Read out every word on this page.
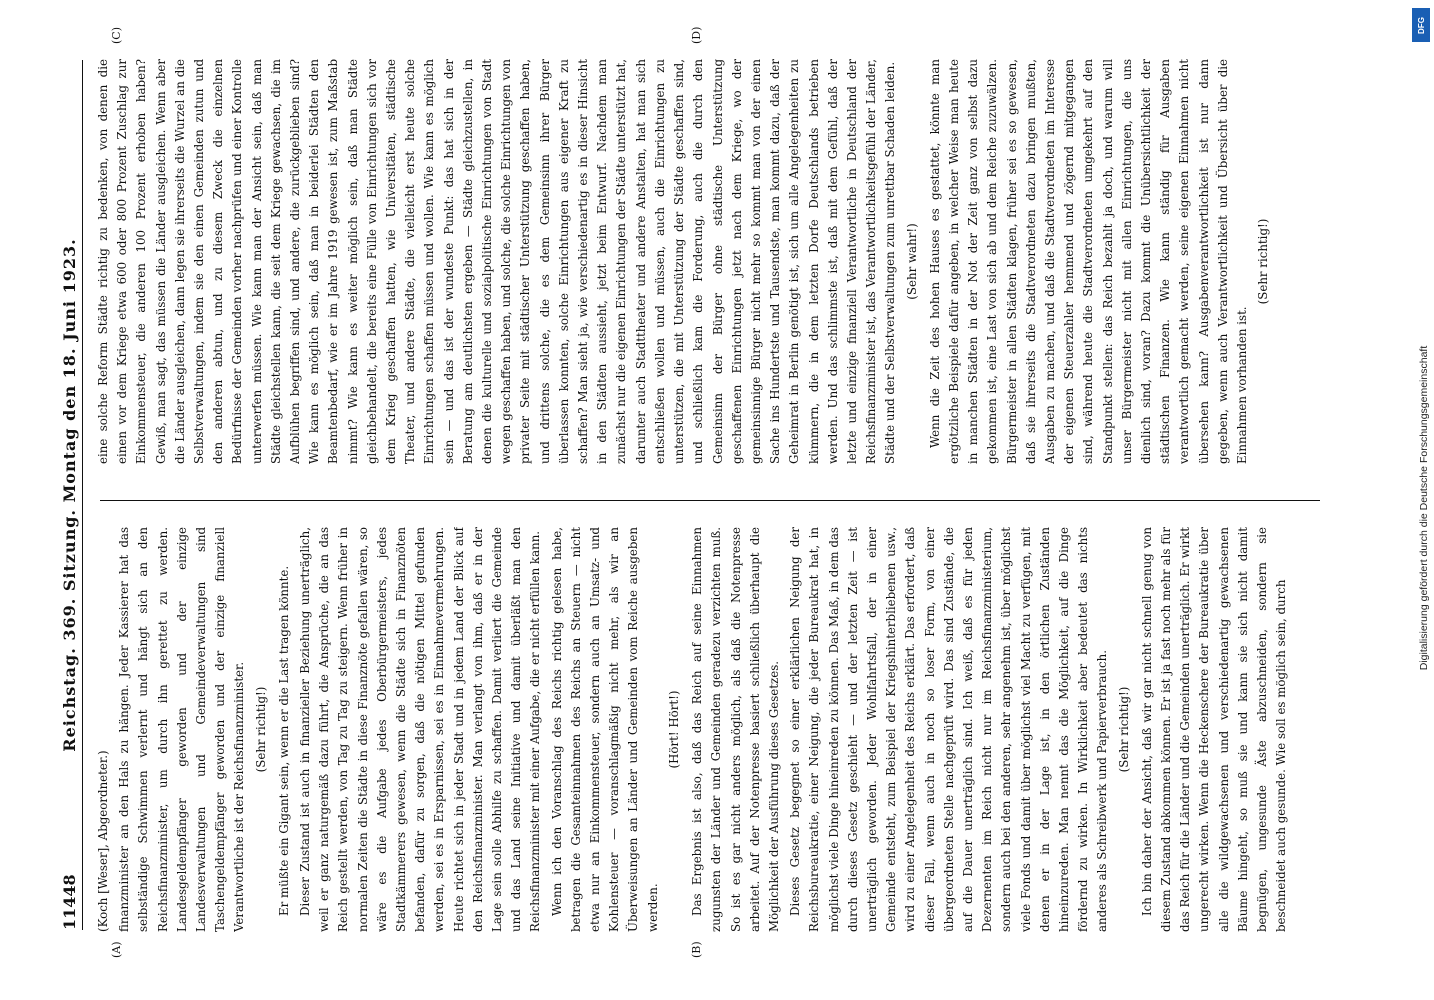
11448
Reichstag. 369. Sitzung. Montag den 18. Juni 1923.
(A)	(B)
(C)	(D)

(Koch [Weser], Abgeordneter.) finanzminister an den Hals zu hängen. Jeder Kassierer hat das selbständige Schwimmen verlernt und hängt sich an den Reichsfinanzminister, um durch ihn gerettet zu werden. Landesgeldempfänger geworden und der einzige Landesverwaltungen und Gemeindeverwaltungen sind Taschengeldempfänger geworden und der einzige finanziell Verantwortliche ist der Reichsfinanzminister. (Sehr richtig!) Er müßte ein Gigant sein, wenn er die Last tragen könnte. Dieser Zustand ist auch in finanzieller Beziehung unerträglich, weil er ganz naturgemäß dazu führt, die Ansprüche, die an das Reich gestellt werden, von Tag zu Tag zu steigern. Wenn früher in normalen Zeiten die Städte in diese Finanznöte gefallen wären, so wäre es die Aufgabe jedes Oberbürgermeisters, jedes Stadtkämmerers gewesen, wenn die Städte sich in Finanznöten befanden, dafür zu sorgen, daß die nötigen Mittel gefunden werden, sei es in Ersparnissen, sei es in Einnahmevermehrungen. Heute richtet sich in jeder Stadt und in jedem Land der Blick auf den Reichsfinanzminister. Man verlangt von ihm, daß er in der Lage sein solle Abhilfe zu schaffen. Damit verliert die Gemeinde und das Land seine Initiative und damit überläßt man den Reichsfinanzminister mit einer Aufgabe, die er nicht erfüllen kann. Wenn ich den Voranschlag des Reichs richtig gelesen habe, betragen die Gesamteinnahmen des Reichs an Steuern — nicht etwa nur an Einkommensteuer, sondern auch an Umsatz- und Kohlensteuer — voranschlagmäßig nicht mehr, als wir an Überweisungen an Länder und Gemeinden vom Reiche ausgeben werden.

(Hört! Hört!) Das Ergebnis ist also, daß das Reich auf seine Einnahmen zugunsten der Länder und Gemeinden geradezu verzichten muß. So ist es gar nicht anders möglich, als daß die Notenpresse arbeitet. Auf der Notenpresse basiert schließlich überhaupt die Möglichkeit der Ausführung dieses Gesetzes. Dieses Gesetz begegnet so einer erklärlichen Neigung der Reichsbureaukratie, einer Neigung, die jeder Bureaukrat hat, in möglichst viele Dinge hineinreden zu können. Das Maß, in dem das durch dieses Gesetz geschieht — und der letzten Zeit — ist unerträglich geworden. Jeder Wohlfahrtsfall, der in einer Gemeinde entsteht, zum Beispiel der Kriegshinterbliebenen usw., wird zu einer Angelegenheit des Reichs erklärt. Das erfordert, daß dieser Fall, wenn auch in noch so loser Form, von einer übergeordneten Stelle nachgeprüft wird. Das sind Zustände, die auf die Dauer unerträglich sind. Ich weiß, daß es für jeden Dezernenten im Reich nicht nur im Reichsfinanzministerium, sondern auch bei den anderen, sehr angenehm ist, über möglichst viele Fonds und damit über möglichst viel Macht zu verfügen, mit denen er in der Lage ist, in den örtlichen Zuständen hineinzureden. Man nennt das die Möglichkeit, auf die Dinge fördernd zu wirken. In Wirklichkeit aber bedeutet das nichts anderes als Schreibwerk und Papierverbrauch. (Sehr richtig!) Ich bin daher der Ansicht, daß wir gar nicht schnell genug von diesem Zustand abkommen können. Er ist ja fast noch mehr als für das Reich für die Länder und die Gemeinden unerträglich. Er wirkt ungerecht wirken. Wenn die Heckenschere der Bureaukratie über alle die wildgewachsenen und verschiedenartig gewachsenen Bäume hingeht, so muß sie und kann sie sich nicht damit begnügen, ungesunde Äste abzuschneiden, sondern sie beschneidet auch gesunde. Wie soll es möglich sein, durch

eine solche Reform Städte richtig zu bedenken, von denen die einen vor dem Kriege etwa 600 oder 800 Prozent Zuschlag zur Einkommensteuer, die anderen 100 Prozent erhoben haben? Gewiß, man sagt, das müssen die Länder ausgleichen. Wenn aber die Länder ausgleichen, dann legen sie ihrerseits die Wurzel an die Selbstverwaltungen, indem sie den einen Gemeinden zutun und den anderen abtun, und zu diesem Zweck die einzelnen Bedürfnisse der Gemeinden vorher nachprüfen und einer Kontrolle unterwerfen müssen. Wie kann man der Ansicht sein, daß man Städte gleichstellen kann, die seit dem Kriege gewachsen, die im Aufblühen begriffen sind, und andere, die zurückgeblieben sind? Wie kann es möglich sein, daß man in beiderlei Städten den Beamtenbedarf, wie er im Jahre 1919 gewesen ist, zum Maßstab nimmt? Wie kann es weiter möglich sein, daß man Städte gleichbehandelt, die bereits eine Fülle von Einrichtungen sich vor dem Krieg geschaffen hatten, wie Universitäten, städtische Theater, und andere Städte, die vielleicht erst heute solche Einrichtungen schaffen müssen und wollen. Wie kann es möglich sein — und das ist der wundeste Punkt: das hat sich in der Beratung am deutlichsten ergeben — Städte gleichzustellen, in denen die kulturelle und sozialpolitische Einrichtungen von Stadt wegen geschaffen haben, und solche, die solche Einrichtungen von privater Seite mit städtischer Unterstützung geschaffen haben, und drittens solche, die es dem Gemeinsinn ihrer Bürger überlassen konnten, solche Einrichtungen aus eigener Kraft zu schaffen? Man sieht ja, wie verschiedenartig es in dieser Hinsicht in den Städten aussieht, jetzt beim Entwurf. Nachdem man zunächst nur die eigenen Einrichtungen der Städte unterstützt hat, darunter auch Stadttheater und andere Anstalten, hat man sich entschließen wollen und müssen, auch die Einrichtungen zu unterstützen, die mit Unterstützung der Städte geschaffen sind, und schließlich kam die Forderung, auch die durch den Gemeinsinn der Bürger ohne städtische Unterstützung geschaffenen Einrichtungen jetzt nach dem Kriege, wo der gemeinsinnige Bürger nicht mehr so kommt man von der einen Sache ins Hundertste und Tausendste, man kommt dazu, daß der Geheimrat in Berlin genötigt ist, sich um alle Angelegenheiten zu kümmern, die in dem letzten Dorfe Deutschlands betrieben werden. Und das schlimmste ist, daß mit dem Gefühl, daß der letzte und einzige finanziell Verantwortliche in Deutschland der Reichsfinanzminister ist, das Verantwortlichkeitsgefühl der Länder, Städte und der Selbstverwaltungen zum unrettbar Schaden leiden. (Sehr wahr!) Wenn die Zeit des hohen Hauses es gestattet, könnte man ergötzliche Beispiele dafür angeben, in welcher Weise man heute in manchen Städten in der Not der Zeit ganz von selbst dazu gekommen ist, eine Last von sich ab und dem Reiche zuzuwälzen. Bürgermeister in allen Städten klagen, früher sei es so gewesen, daß sie ihrerseits die Stadtverordneten dazu bringen mußten, Ausgaben zu machen, und daß die Stadtverordneten im Interesse der eigenen Steuerzahler hemmend und zögernd mitgegangen sind, während heute die Stadtverordneten umgekehrt auf den Standpunkt stellen: das Reich bezahlt ja doch, und warum will unser Bürgermeister nicht mit allen Einrichtungen, die uns dienlich sind, voran? Dazu kommt die Unübersichtlichkeit der städtischen Finanzen. Wie kann ständig für Ausgaben verantwortlich gemacht werden, seine eigenen Einnahmen nicht übersehen kann? Ausgabenverantwortlichkeit ist nur dann gegeben, wenn auch Verantwortlichkeit und Übersicht über die Einnahmen vorhanden ist.

(Sehr richtig!)

DFG
Digitalisierung gefördert durch die Deutsche Forschungsgemeinschaft
